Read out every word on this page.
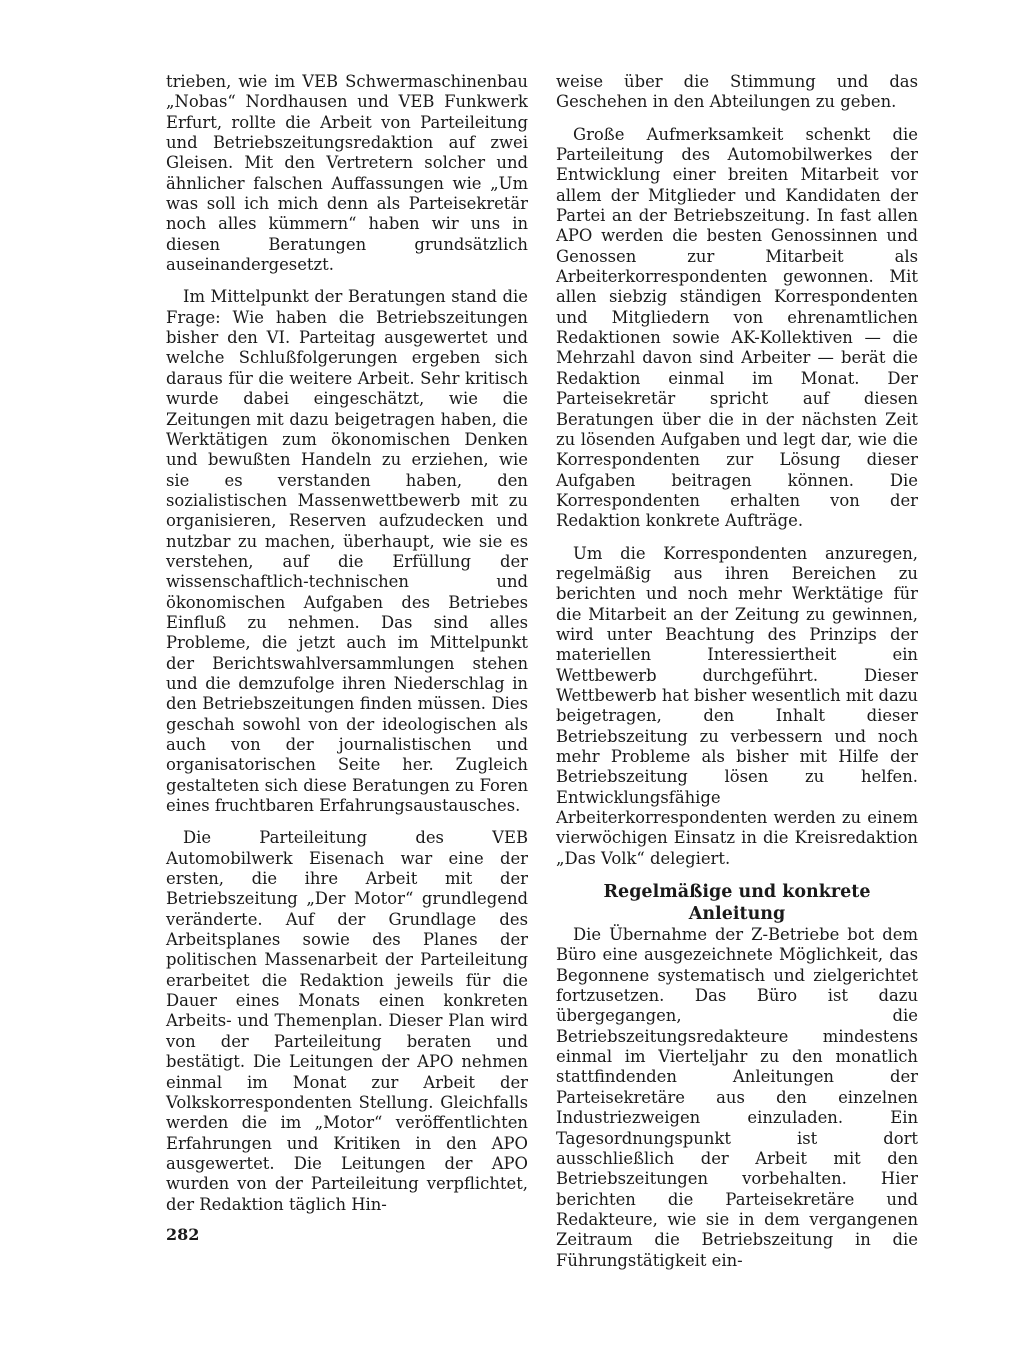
trieben, wie im VEB Schwermaschinenbau „Nobas“ Nordhausen und VEB Funkwerk Erfurt, rollte die Arbeit von Parteileitung und Betriebszeitungsredaktion auf zwei Gleisen. Mit den Vertretern solcher und ähnlicher falschen Auffassungen wie „Um was soll ich mich denn als Parteisekretär noch alles kümmern“ haben wir uns in diesen Beratungen grundsätzlich auseinandergesetzt.

Im Mittelpunkt der Beratungen stand die Frage: Wie haben die Betriebszeitungen bisher den VI. Parteitag ausgewertet und welche Schlußfolgerungen ergeben sich daraus für die weitere Arbeit. Sehr kritisch wurde dabei eingeschätzt, wie die Zeitungen mit dazu beigetragen haben, die Werktätigen zum ökonomischen Denken und bewußten Handeln zu erziehen, wie sie es verstanden haben, den sozialistischen Massenwettbewerb mit zu organisieren, Reserven aufzudecken und nutzbar zu machen, überhaupt, wie sie es verstehen, auf die Erfüllung der wissenschaftlich-technischen und ökonomischen Aufgaben des Betriebes Einfluß zu nehmen. Das sind alles Probleme, die jetzt auch im Mittelpunkt der Berichtswahlversammlungen stehen und die demzufolge ihren Niederschlag in den Betriebszeitungen finden müssen. Dies geschah sowohl von der ideologischen als auch von der journalistischen und organisatorischen Seite her. Zugleich gestalteten sich diese Beratungen zu Foren eines fruchtbaren Erfahrungsaustausches.

Die Parteileitung des VEB Automobilwerk Eisenach war eine der ersten, die ihre Arbeit mit der Betriebszeitung „Der Motor“ grundlegend veränderte. Auf der Grundlage des Arbeitsplanes sowie des Planes der politischen Massenarbeit der Parteileitung erarbeitet die Redaktion jeweils für die Dauer eines Monats einen konkreten Arbeits- und Themenplan. Dieser Plan wird von der Parteileitung beraten und bestätigt. Die Leitungen der APO nehmen einmal im Monat zur Arbeit der Volkskorrespondenten Stellung. Gleichfalls werden die im „Motor“ veröffentlichten Erfahrungen und Kritiken in den APO ausgewertet. Die Leitungen der APO wurden von der Parteileitung verpflichtet, der Redaktion täglich Hin-

weise über die Stimmung und das Geschehen in den Abteilungen zu geben.

Große Aufmerksamkeit schenkt die Parteileitung des Automobilwerkes der Entwicklung einer breiten Mitarbeit vor allem der Mitglieder und Kandidaten der Partei an der Betriebszeitung. In fast allen APO werden die besten Genossinnen und Genossen zur Mitarbeit als Arbeiterkorrespondenten gewonnen. Mit allen siebzig ständigen Korrespondenten und Mitgliedern von ehrenamtlichen Redaktionen sowie AK-Kollektiven — die Mehrzahl davon sind Arbeiter — berät die Redaktion einmal im Monat. Der Parteisekretär spricht auf diesen Beratungen über die in der nächsten Zeit zu lösenden Aufgaben und legt dar, wie die Korrespondenten zur Lösung dieser Aufgaben beitragen können. Die Korrespondenten erhalten von der Redaktion konkrete Aufträge.

Um die Korrespondenten anzuregen, regelmäßig aus ihren Bereichen zu berichten und noch mehr Werktätige für die Mitarbeit an der Zeitung zu gewinnen, wird unter Beachtung des Prinzips der materiellen Interessiertheit ein Wettbewerb durchgeführt. Dieser Wettbewerb hat bisher wesentlich mit dazu beigetragen, den Inhalt dieser Betriebszeitung zu verbessern und noch mehr Probleme als bisher mit Hilfe der Betriebszeitung lösen zu helfen. Entwicklungsfähige Arbeiterkorrespondenten werden zu einem vierwöchigen Einsatz in die Kreisredaktion „Das Volk“ delegiert.

Regelmäßige und konkrete
Anleitung

Die Übernahme der Z-Betriebe bot dem Büro eine ausgezeichnete Möglichkeit, das Begonnene systematisch und zielgerichtet fortzusetzen. Das Büro ist dazu übergegangen, die Betriebszeitungsredakteure mindestens einmal im Vierteljahr zu den monatlich stattfindenden Anleitungen der Parteisekretäre aus den einzelnen Industriezweigen einzuladen. Ein Tagesordnungspunkt ist dort ausschließlich der Arbeit mit den Betriebszeitungen vorbehalten. Hier berichten die Parteisekretäre und Redakteure, wie sie in dem vergangenen Zeitraum die Betriebszeitung in die Führungstätigkeit ein-

282
